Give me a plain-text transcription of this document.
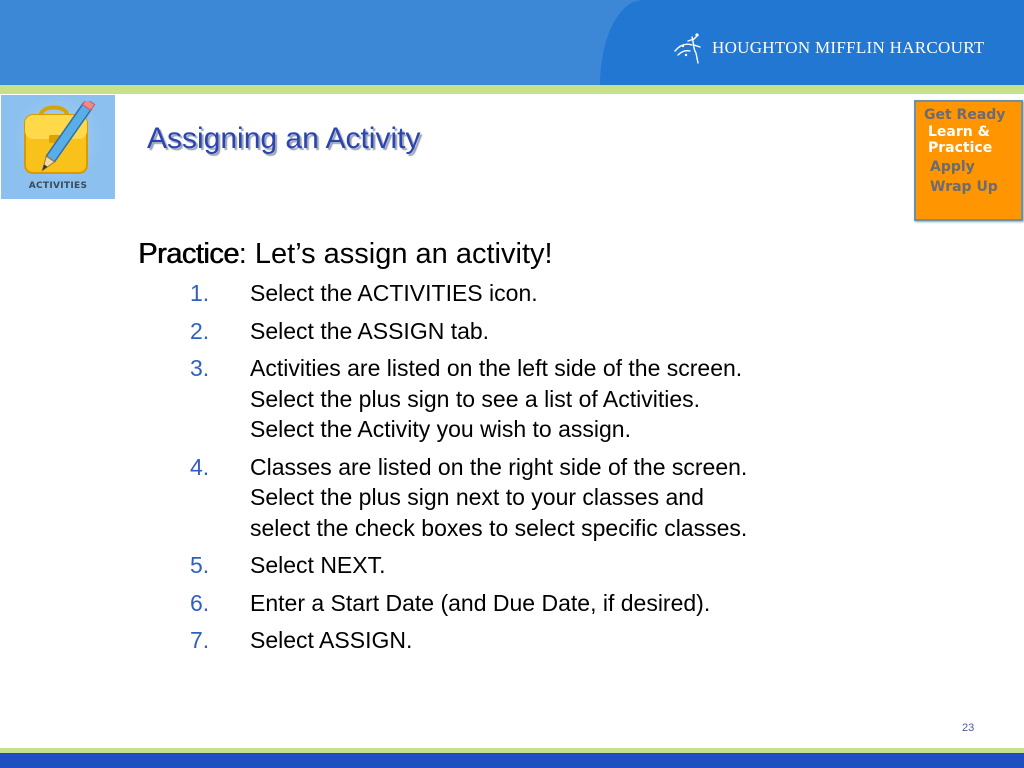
HOUGHTON MIFFLIN HARCOURT
ACTIVITIES
Assigning an Activity
Get Ready
Learn &
Practice
Apply
Wrap Up
Practice: Let’s assign an activity!
1.	Select the ACTIVITIES icon.
2.	Select the ASSIGN tab.
3.	Activities are listed on the left side of the screen.
Select the plus sign to see a list of Activities.
Select the Activity you wish to assign.
4.	Classes are listed on the right side of the screen.
Select the plus sign next to your classes and
select the check boxes to select specific classes.
5.	Select NEXT.
6.	Enter a Start Date (and Due Date, if desired).
7.	Select ASSIGN.
23
